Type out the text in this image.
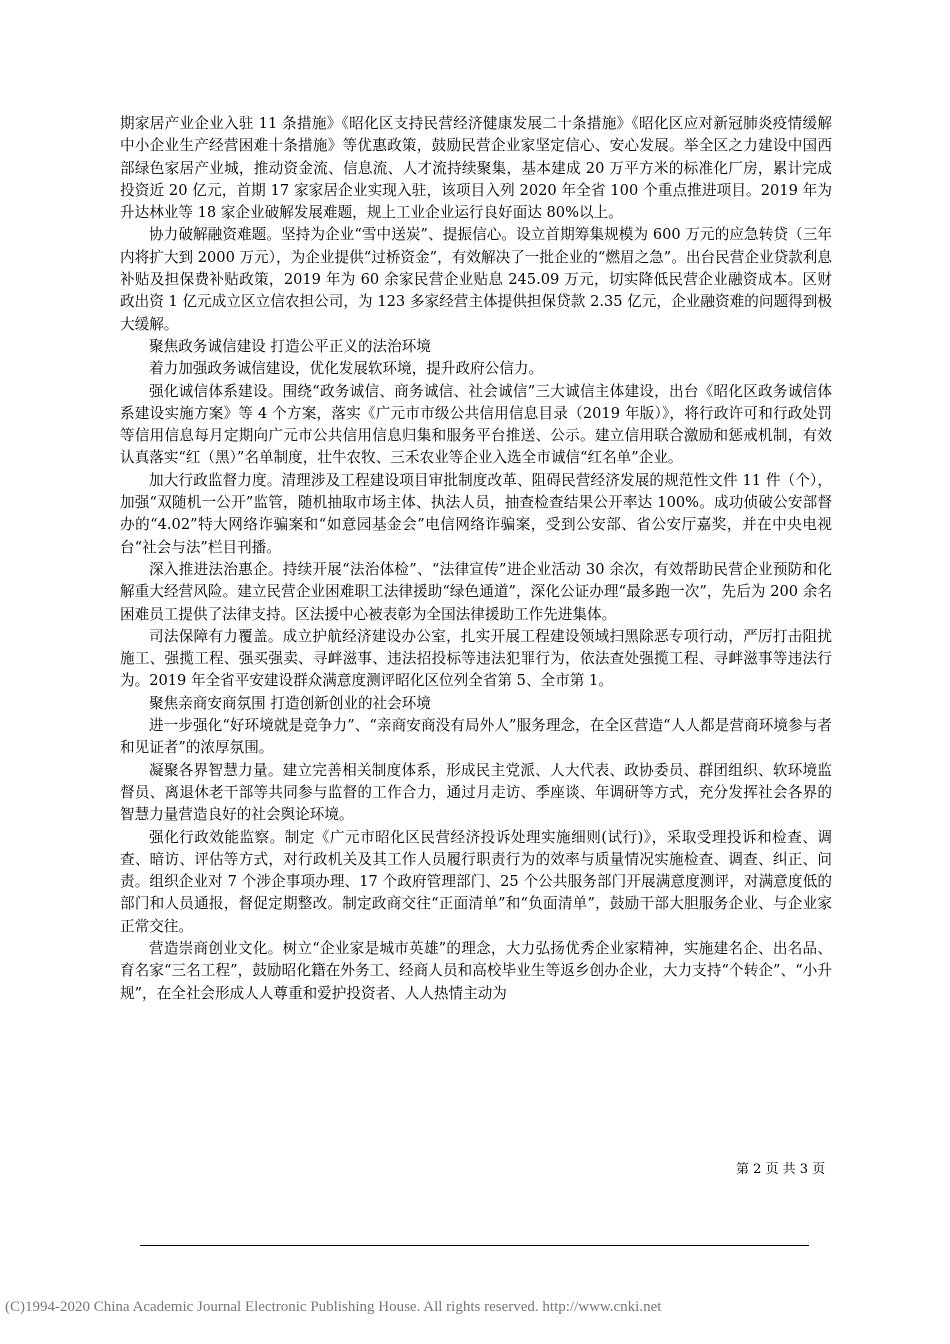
期家居产业企业入驻 11 条措施》《昭化区支持民营经济健康发展二十条措施》《昭化区应对新冠肺炎疫情缓解中小企业生产经营困难十条措施》等优惠政策，鼓励民营企业家坚定信心、安心发展。举全区之力建设中国西部绿色家居产业城，推动资金流、信息流、人才流持续聚集，基本建成 20 万平方米的标准化厂房，累计完成投资近 20 亿元，首期 17 家家居企业实现入驻，该项目入列 2020 年全省 100 个重点推进项目。2019 年为升达林业等 18 家企业破解发展难题，规上工业企业运行良好面达 80%以上。

协力破解融资难题。坚持为企业“雪中送炭”、提振信心。设立首期筹集规模为 600 万元的应急转贷（三年内将扩大到 2000 万元），为企业提供“过桥资金”，有效解决了一批企业的“燃眉之急”。出台民营企业贷款利息补贴及担保费补贴政策，2019 年为 60 余家民营企业贴息 245.09 万元，切实降低民营企业融资成本。区财政出资 1 亿元成立区立信农担公司，为 123 多家经营主体提供担保贷款 2.35 亿元，企业融资难的问题得到极大缓解。

聚焦政务诚信建设 打造公平正义的法治环境

着力加强政务诚信建设，优化发展软环境，提升政府公信力。

强化诚信体系建设。围绕“政务诚信、商务诚信、社会诚信”三大诚信主体建设，出台《昭化区政务诚信体系建设实施方案》等 4 个方案，落实《广元市市级公共信用信息目录（2019 年版）》，将行政许可和行政处罚等信用信息每月定期向广元市公共信用信息归集和服务平台推送、公示。建立信用联合激励和惩戒机制，有效认真落实“红（黑）”名单制度，壮牛农牧、三禾农业等企业入选全市诚信“红名单”企业。

加大行政监督力度。清理涉及工程建设项目审批制度改革、阻碍民营经济发展的规范性文件 11 件（个），加强“双随机一公开”监管，随机抽取市场主体、执法人员，抽查检查结果公开率达 100%。成功侦破公安部督办的“4.02”特大网络诈骗案和“如意园基金会”电信网络诈骗案，受到公安部、省公安厅嘉奖，并在中央电视台“社会与法”栏目刊播。

深入推进法治惠企。持续开展“法治体检”、“法律宣传”进企业活动 30 余次，有效帮助民营企业预防和化解重大经营风险。建立民营企业困难职工法律援助“绿色通道”，深化公证办理“最多跑一次”，先后为 200 余名困难员工提供了法律支持。区法援中心被表彰为全国法律援助工作先进集体。

司法保障有力覆盖。成立护航经济建设办公室，扎实开展工程建设领域扫黑除恶专项行动，严厉打击阻扰施工、强揽工程、强买强卖、寻衅滋事、违法招投标等违法犯罪行为，依法查处强揽工程、寻衅滋事等违法行为。2019 年全省平安建设群众满意度测评昭化区位列全省第 5、全市第 1。

聚焦亲商安商氛围 打造创新创业的社会环境

进一步强化“好环境就是竞争力”、“亲商安商没有局外人”服务理念，在全区营造“人人都是营商环境参与者和见证者”的浓厚氛围。

凝聚各界智慧力量。建立完善相关制度体系，形成民主党派、人大代表、政协委员、群团组织、软环境监督员、离退休老干部等共同参与监督的工作合力，通过月走访、季座谈、年调研等方式，充分发挥社会各界的智慧力量营造良好的社会舆论环境。

强化行政效能监察。制定《广元市昭化区民营经济投诉处理实施细则(试行)》，采取受理投诉和检查、调查、暗访、评估等方式，对行政机关及其工作人员履行职责行为的效率与质量情况实施检查、调查、纠正、问责。组织企业对 7 个涉企事项办理、17 个政府管理部门、25 个公共服务部门开展满意度测评，对满意度低的部门和人员通报，督促定期整改。制定政商交往“正面清单”和“负面清单”，鼓励干部大胆服务企业、与企业家正常交往。

营造崇商创业文化。树立“企业家是城市英雄”的理念，大力弘扬优秀企业家精神，实施建名企、出名品、育名家“三名工程”，鼓励昭化籍在外务工、经商人员和高校毕业生等返乡创办企业，大力支持“个转企”、“小升规”，在全社会形成人人尊重和爱护投资者、人人热情主动为

第 2 页 共 3 页
(C)1994-2020 China Academic Journal Electronic Publishing House. All rights reserved. http://www.cnki.net
